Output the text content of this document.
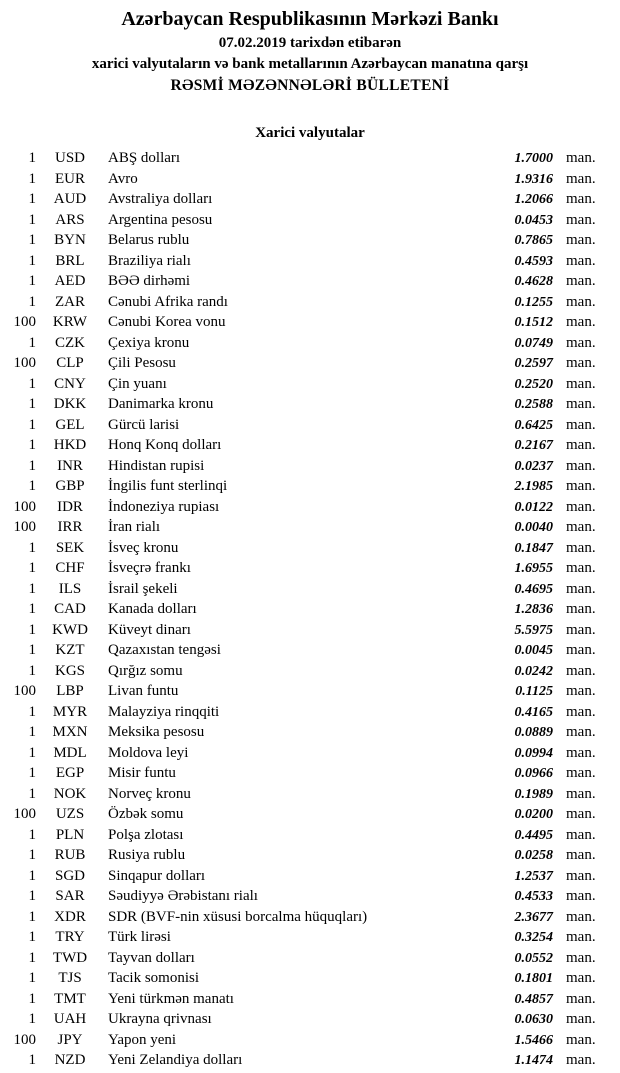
Azərbaycan Respublikasının Mərkəzi Bankı
07.02.2019 tarixdən etibarən
xarici valyutaların və bank metallarının Azərbaycan manatına qarşı
RƏSMİ MƏZƏNNƏLƏRİ BÜLLETENİ
Xarici valyutalar
1	USD	ABŞ dolları	1.7000 man.
1	EUR	Avro	1.9316 man.
1	AUD	Avstraliya dolları	1.2066 man.
1	ARS	Argentina pesosu	0.0453 man.
1	BYN	Belarus rublu	0.7865 man.
1	BRL	Braziliya rialı	0.4593 man.
1	AED	BƏƏ dirhəmi	0.4628 man.
1	ZAR	Cənubi Afrika randı	0.1255 man.
100	KRW	Cənubi Korea vonu	0.1512 man.
1	CZK	Çexiya kronu	0.0749 man.
100	CLP	Çili Pesosu	0.2597 man.
1	CNY	Çin yuanı	0.2520 man.
1	DKK	Danimarka kronu	0.2588 man.
1	GEL	Gürcü larisi	0.6425 man.
1	HKD	Honq Konq dolları	0.2167 man.
1	INR	Hindistan rupisi	0.0237 man.
1	GBP	İngilis funt sterlinqi	2.1985 man.
100	IDR	İndoneziya rupiası	0.0122 man.
100	IRR	İran rialı	0.0040 man.
1	SEK	İsveç kronu	0.1847 man.
1	CHF	İsveçrə frankı	1.6955 man.
1	ILS	İsrail şekeli	0.4695 man.
1	CAD	Kanada dolları	1.2836 man.
1	KWD	Küveyt dinarı	5.5975 man.
1	KZT	Qazaxıstan tengəsi	0.0045 man.
1	KGS	Qırğız somu	0.0242 man.
100	LBP	Livan funtu	0.1125 man.
1	MYR	Malayziya rinqqiti	0.4165 man.
1	MXN	Meksika pesosu	0.0889 man.
1	MDL	Moldova leyi	0.0994 man.
1	EGP	Misir funtu	0.0966 man.
1	NOK	Norveç kronu	0.1989 man.
100	UZS	Özbək somu	0.0200 man.
1	PLN	Polşa zlotası	0.4495 man.
1	RUB	Rusiya rublu	0.0258 man.
1	SGD	Sinqapur dolları	1.2537 man.
1	SAR	Səudiyyə Ərəbistanı rialı	0.4533 man.
1	XDR	SDR (BVF-nin xüsusi borcalma hüquqları)	2.3677 man.
1	TRY	Türk lirəsi	0.3254 man.
1	TWD	Tayvan dolları	0.0552 man.
1	TJS	Tacik somonisi	0.1801 man.
1	TMT	Yeni türkmən manatı	0.4857 man.
1	UAH	Ukrayna qrivnası	0.0630 man.
100	JPY	Yapon yeni	1.5466 man.
1	NZD	Yeni Zelandiya dolları	1.1474 man.
